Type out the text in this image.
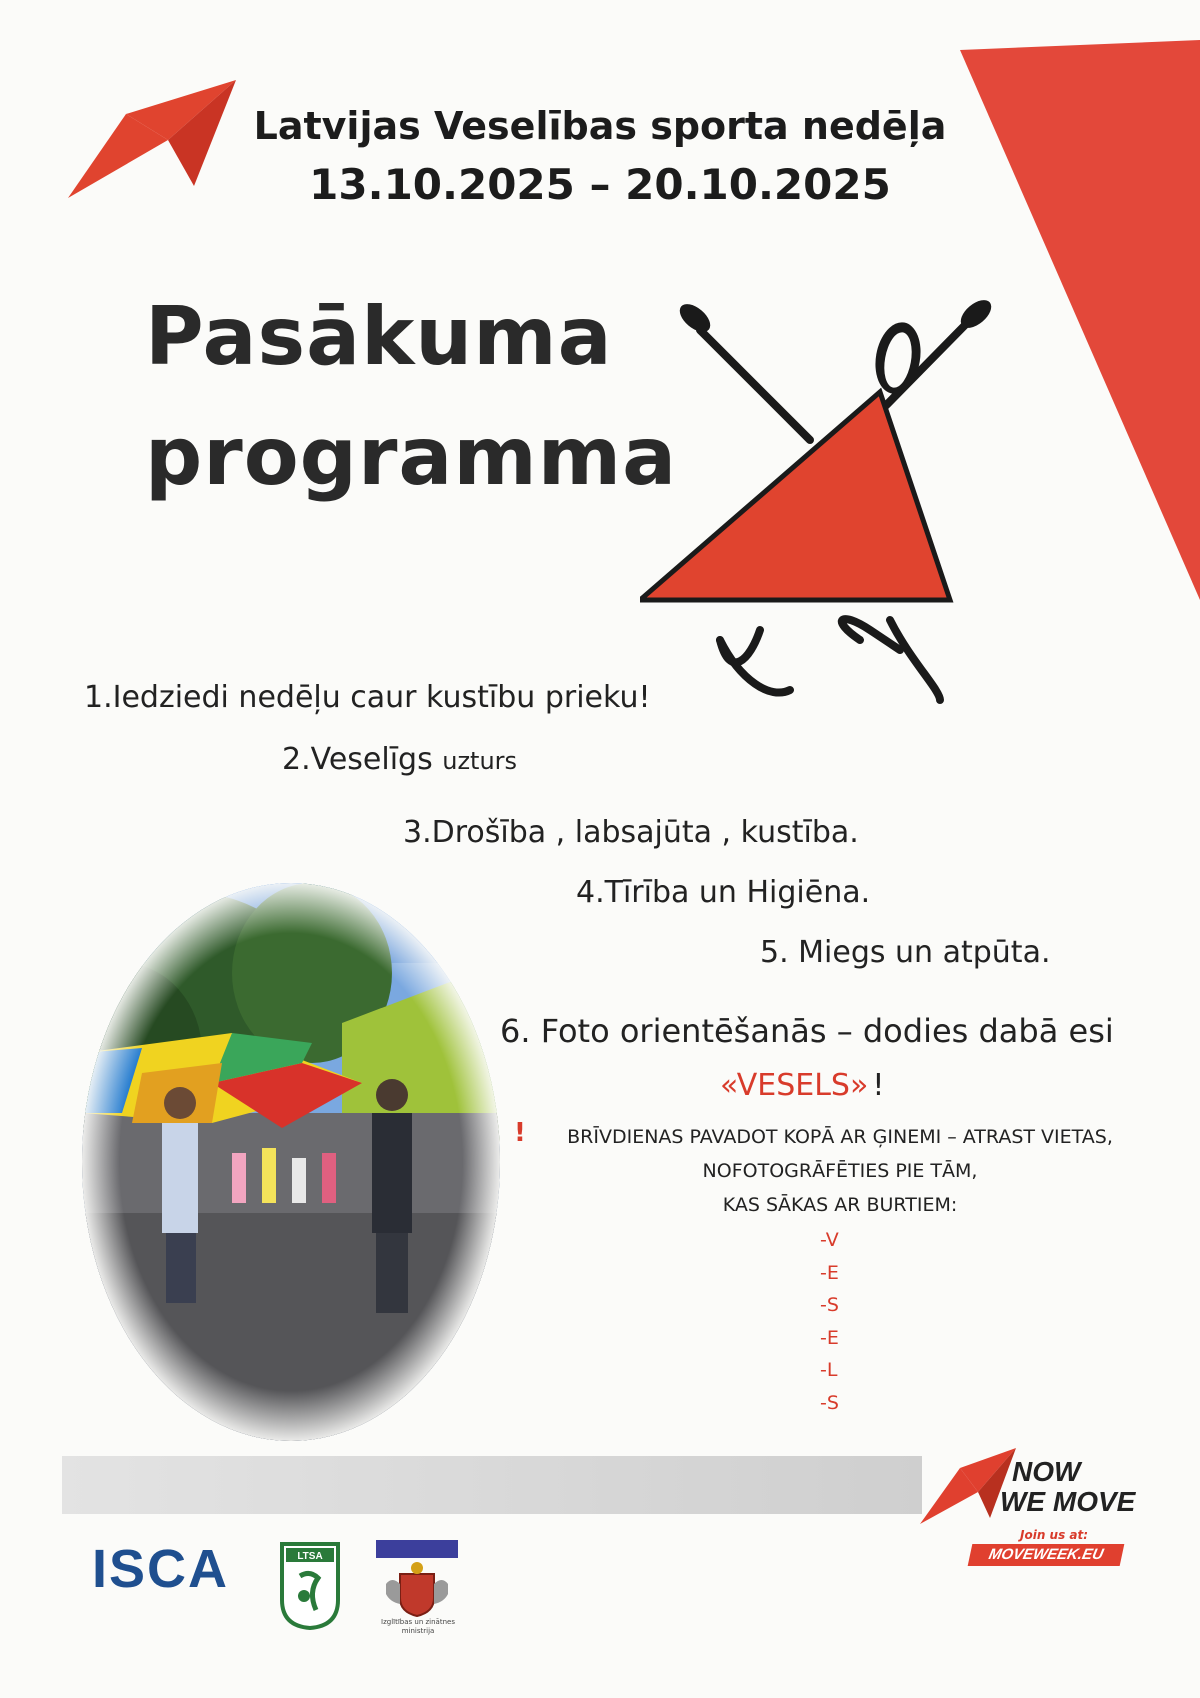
Latvijas Veselības sporta nedēļa
13.10.2025 – 20.10.2025
Pasākuma
programma
1.Iedziedi nedēļu caur kustību prieku!
2.Veselīgs uzturs
3.Drošība , labsajūta , kustība.
4.Tīrība un Higiēna.
5. Miegs un atpūta.
6. Foto orientēšanās – dodies dabā esi
«VESELS» !
!	BRĪVDIENAS PAVADOT KOPĀ AR ĢINEMI – ATRAST VIETAS,
NOFOTOGRĀFĒTIES PIE TĀM,
KAS SĀKAS AR BURTIEM:
-V
-E
-S
-E
-L
-S
NOW
WE MOVE
Join us at:
MOVEWEEK.EU
ISCA	LTSA
Izglītības un zinātnes ministrija
